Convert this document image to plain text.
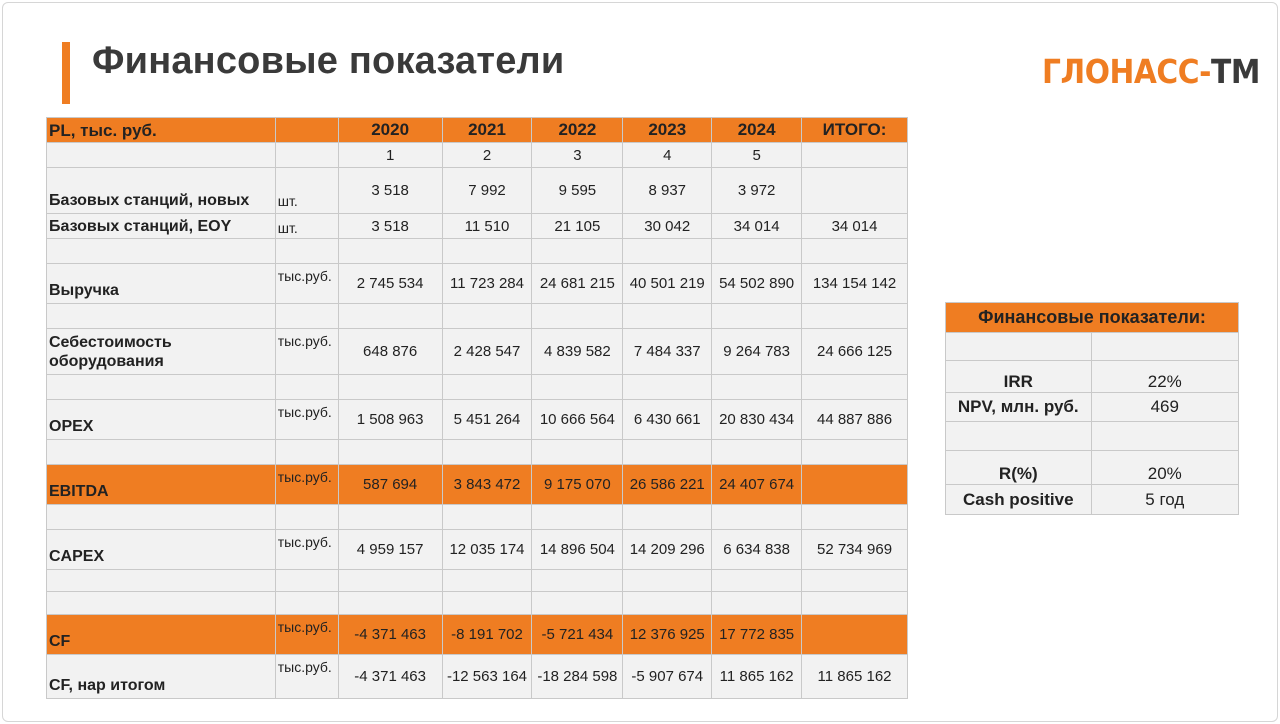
Финансовые показатели	ГЛОНАСС-ТМ
PL, тыс. руб.		2020	2021	2022	2023	2024	ИТОГО:
		1	2	3	4	5	
Базовых станций, новых	шт.	3 518	7 992	9 595	8 937	3 972	
Базовых станций, EOY	шт.	3 518	11 510	21 105	30 042	34 014	34 014

Выручка	тыс.руб.	2 745 534	11 723 284	24 681 215	40 501 219	54 502 890	134 154 142

Себестоимость оборудования	тыс.руб.	648 876	2 428 547	4 839 582	7 484 337	9 264 783	24 666 125

OPEX	тыс.руб.	1 508 963	5 451 264	10 666 564	6 430 661	20 830 434	44 887 886

EBITDA	тыс.руб.	587 694	3 843 472	9 175 070	26 586 221	24 407 674	

CAPEX	тыс.руб.	4 959 157	12 035 174	14 896 504	14 209 296	6 634 838	52 734 969

CF	тыс.руб.	-4 371 463	-8 191 702	-5 721 434	12 376 925	17 772 835	
CF, нар итогом	тыс.руб.	-4 371 463	-12 563 164	-18 284 598	-5 907 674	11 865 162	11 865 162
Финансовые показатели:	

IRR	22%
NPV, млн. руб.	469

R(%)	20%
Cash positive	5 год
